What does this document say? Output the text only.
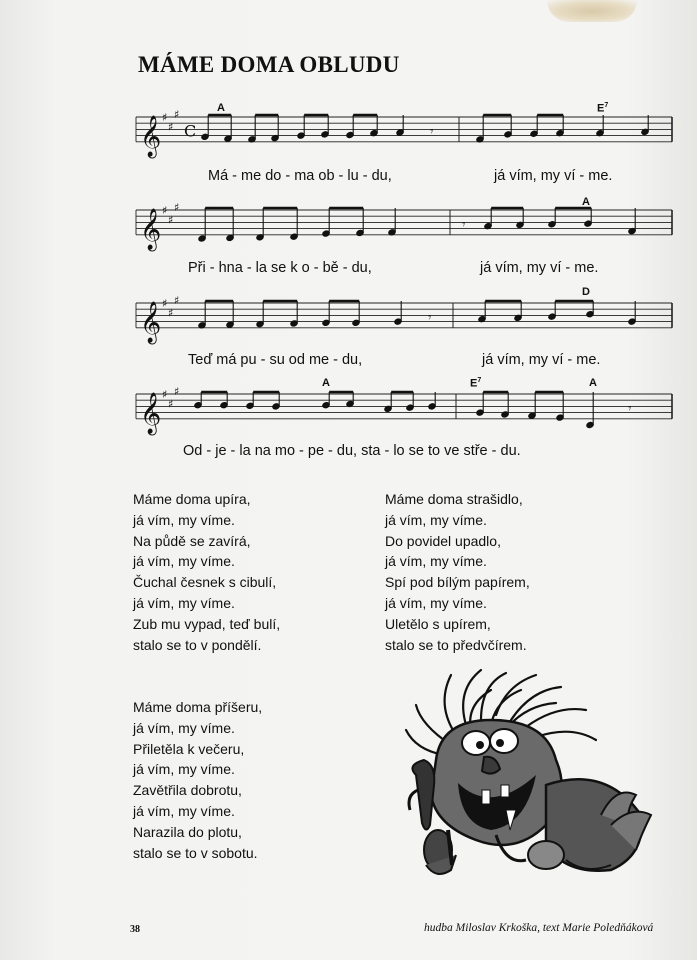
MÁME DOMA OBLUDU
𝄞 ♯
♯
♯
C	𝄾
𝄞 ♯
♯
♯
𝄾
𝄞 ♯
♯
♯
𝄾
𝄞 ♯
♯
♯
𝄾
A	$E^7$
A
D
A	$E^7$	A
Má - me do - ma ob - lu - du,	já vím, my ví - me.
Při - hna - la se k o - bě - du,	já vím, my ví - me.
Teď má pu - su od me - du,	já vím, my ví - me.
Od - je - la na mo - pe - du, sta - lo se to ve stře - du.
Máme doma upíra,
já vím, my víme.
Na půdě se zavírá,
já vím, my víme.
Čuchal česnek s cibulí,
já vím, my víme.
Zub mu vypad, teď bulí,
stalo se to v pondělí.
Máme doma strašidlo,
já vím, my víme.
Do povidel upadlo,
já vím, my víme.
Spí pod bílým papírem,
já vím, my víme.
Uletělo s upírem,
stalo se to předvčírem.
Máme doma příšeru,
já vím, my víme.
Přiletěla k večeru,
já vím, my víme.
Zavětřila dobrotu,
já vím, my víme.
Narazila do plotu,
stalo se to v sobotu.
38	hudba Miloslav Krkoška, text Marie Poledňáková
